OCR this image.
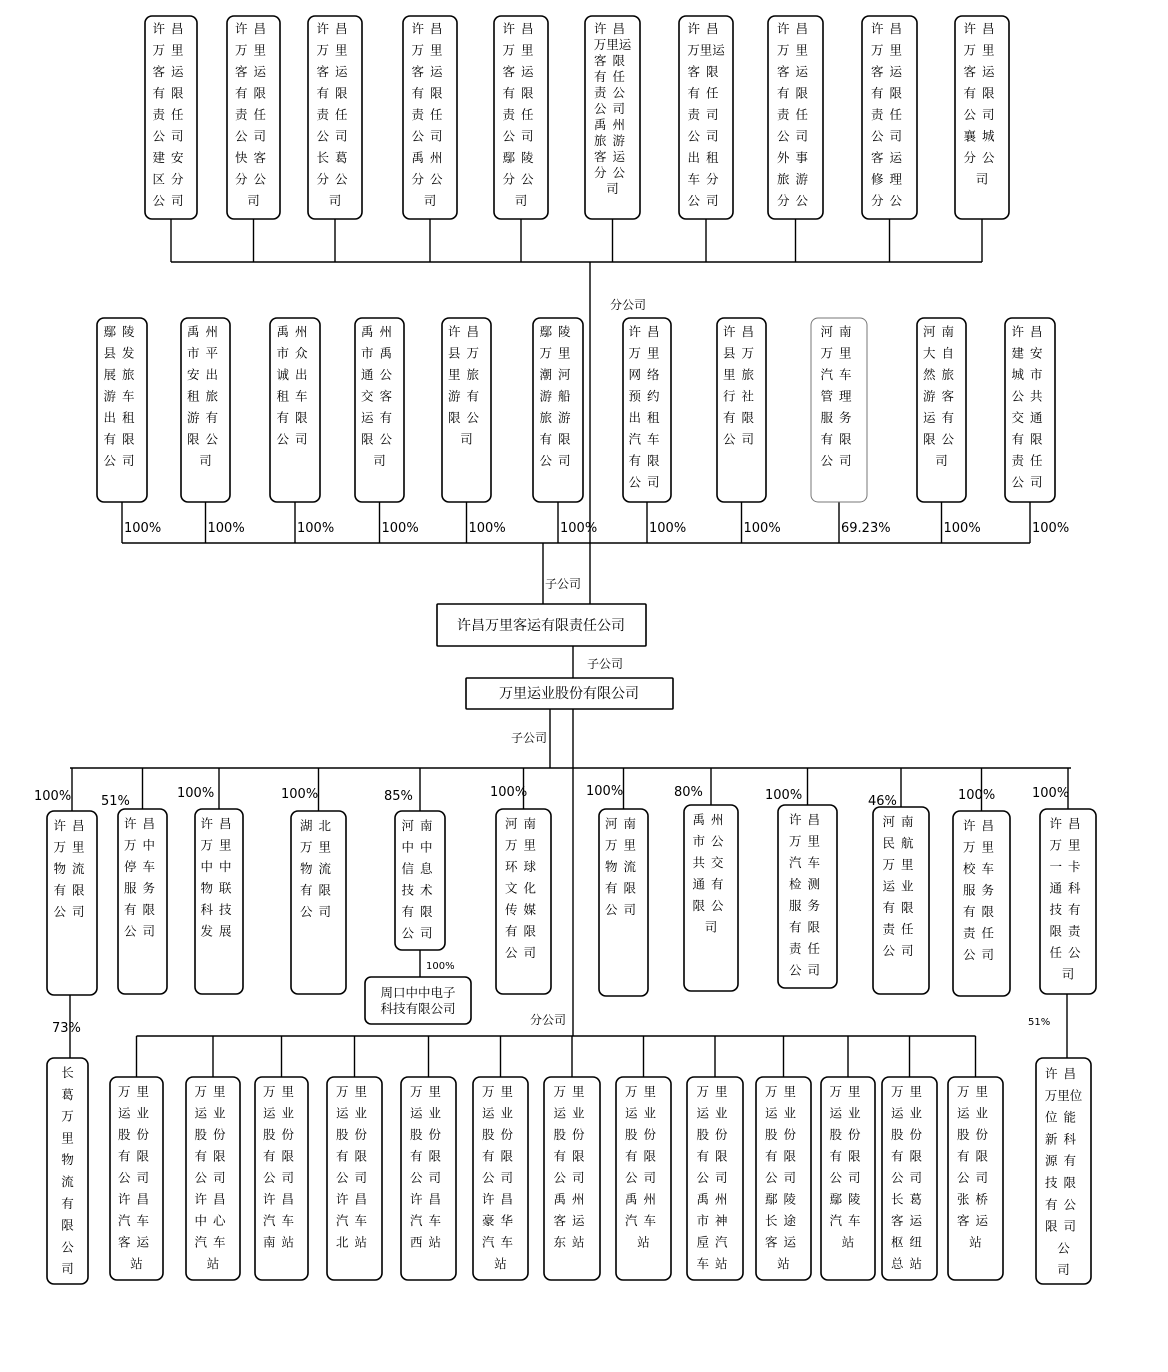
许昌
万里
客运
有限
责任
公司
建安
区分
公司
许昌
万里
客运
有限
责任
公司
快客
分公
司
许昌
万里
客运
有限
责任
公司
长葛
分公
司
许昌
万里
客运
有限
责任
公司
禹州
分公
司
许昌
万里
客运
有限
责任
公司
鄢陵
分公
司
许昌
万里运
客限
有任
责公
公司
禹州
旅游
客运
分公
司
许昌
万里运
客限
有任
责司
公司
出租
车分
公司
许昌
万里
客运
有限
责任
公司
外事
旅游
分公
许昌
万里
客运
有限
责任
公司
客运
修理
分公
许昌
万里
客运
有限
公司
襄城
分公
司
鄢陵
县发
展旅
游车
出租
有限
公司
100%
禹州
市平
安出
租旅
游有
限公
司
100%
禹州
市众
诚出
租车
有限
公司
100%
禹州
市禹
通公
交客
运有
限公
司
100%
许昌
县万
里旅
游有
限公
司
100%
鄢陵
万里
潮河
游船
旅游
有限
公司
100%
许昌
万里
网络
预约
出租
汽车
有限
公司
100%
许昌
县万
里旅
行社
有限
公司
100%
河南
万里
汽车
管理
服务
有限
公司
69.23%
河南
大自
然旅
游客
运有
限公
司
100%
许昌
建安
城市
公共
交通
有限
责任
公司
100%
许昌
万里
物流
有限
公司
100%
许昌
万中
停车
服务
有限
公司
51%
许昌
万里
中中
物联
科技
发展
100%
湖北
万里
物流
有限
公司
100%
河南
中中
信息
技术
有限
公司
85%
河南
万里
环球
文化
传媒
有限
公司
100%
河南
万里
物流
有限
公司
100%
禹州
市公
共交
通有
限公
司
80%
许昌
万里
汽车
检测
服务
有限
责任
公司
100%
河南
民航
万里
运业
有限
责任
公司
46%
许昌
万里
校车
服务
有限
责任
公司
100%
许昌
万里
一卡
通科
技有
限责
任公
司
100%
周口中中电子
科技有限公司
100%
长
葛
万
里
物
流
有
限
公
司
73%
许昌
万里位
位能
新科
源有
技限
有公
限司
公
司
51%
万里
运业
股份
有限
公司
许昌
汽车
客运
站
万里
运业
股份
有限
公司
许昌
中心
汽车
站
万里
运业
股份
有限
公司
许昌
汽车
南站
万里
运业
股份
有限
公司
许昌
汽车
北站
万里
运业
股份
有限
公司
许昌
汽车
西站
万里
运业
股份
有限
公司
许昌
豪华
汽车
站
万里
运业
股份
有限
公司
禹州
客运
东站
万里
运业
股份
有限
公司
禹州
汽车
站
万里
运业
股份
有限
公司
禹州
市神
垕汽
车站
万里
运业
股份
有限
公司
鄢陵
长途
客运
站
万里
运业
股份
有限
公司
鄢陵
汽车
站
万里
运业
股份
有限
公司
长葛
客运
枢纽
总站
万里
运业
股份
有限
公司
张桥
客运
站
分公司
子公司
子公司
子公司
分公司
许昌万里客运有限责任公司
万里运业股份有限公司
